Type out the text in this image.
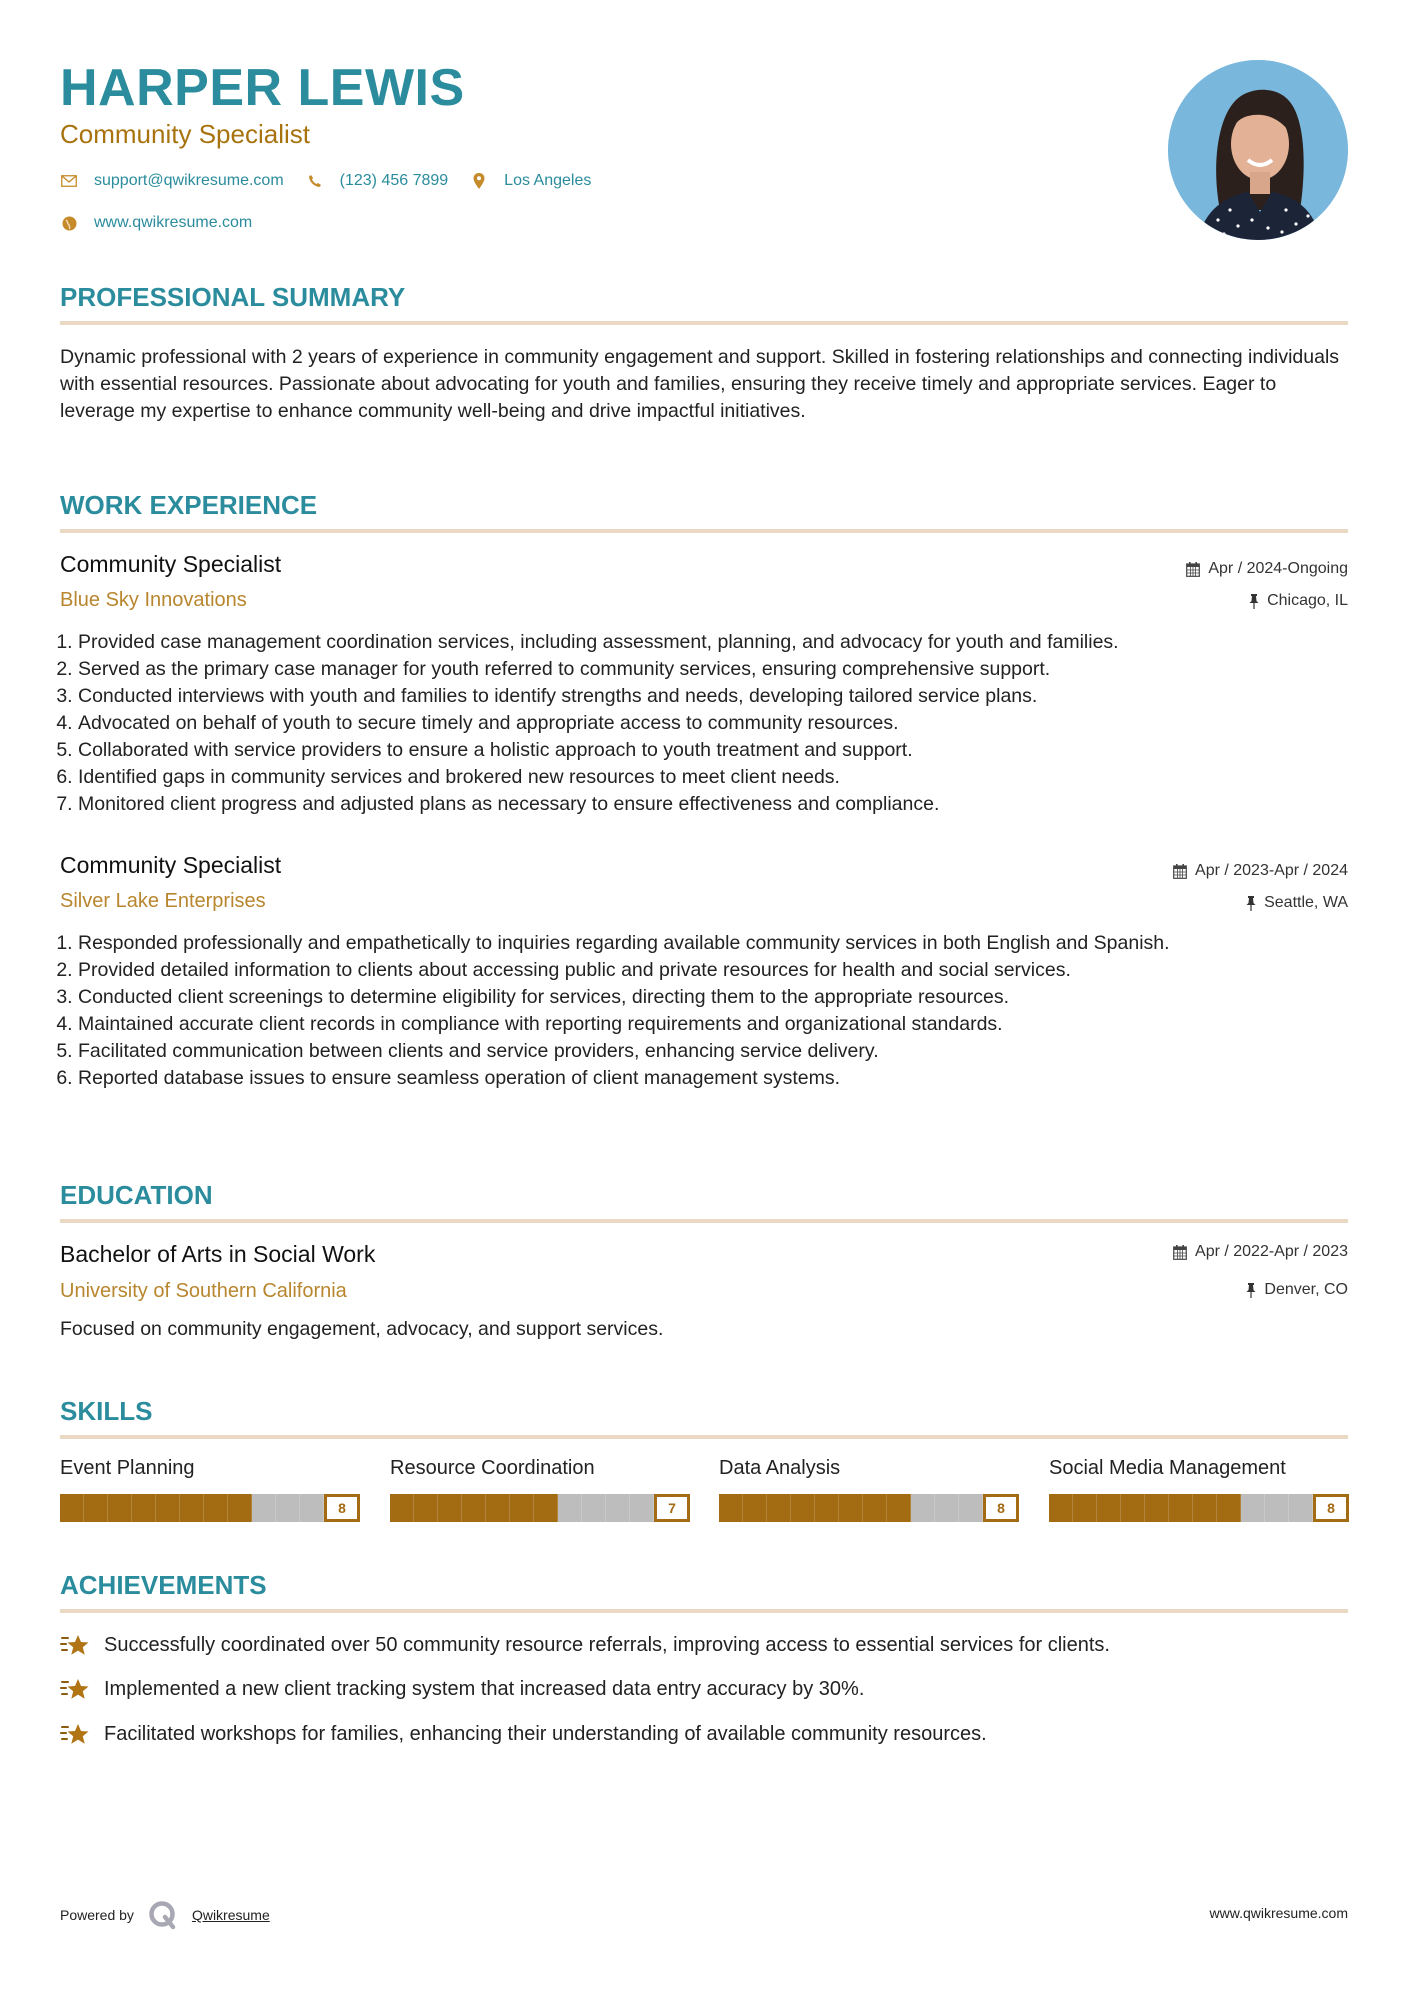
HARPER LEWIS
Community Specialist
support@qwikresume.com	(123) 456 7899	Los Angeles
www.qwikresume.com
PROFESSIONAL SUMMARY
Dynamic professional with 2 years of experience in community engagement and support. Skilled in fostering relationships and connecting individuals with essential resources. Passionate about advocating for youth and families, ensuring they receive timely and appropriate services. Eager to leverage my expertise to enhance community well-being and drive impactful initiatives.
WORK EXPERIENCE
Community Specialist
Blue Sky Innovations
Apr / 2024-Ongoing
Chicago, IL
1. Provided case management coordination services, including assessment, planning, and advocacy for youth and families.
2. Served as the primary case manager for youth referred to community services, ensuring comprehensive support.
3. Conducted interviews with youth and families to identify strengths and needs, developing tailored service plans.
4. Advocated on behalf of youth to secure timely and appropriate access to community resources.
5. Collaborated with service providers to ensure a holistic approach to youth treatment and support.
6. Identified gaps in community services and brokered new resources to meet client needs.
7. Monitored client progress and adjusted plans as necessary to ensure effectiveness and compliance.
Community Specialist
Silver Lake Enterprises
Apr / 2023-Apr / 2024
Seattle, WA
1. Responded professionally and empathetically to inquiries regarding available community services in both English and Spanish.
2. Provided detailed information to clients about accessing public and private resources for health and social services.
3. Conducted client screenings to determine eligibility for services, directing them to the appropriate resources.
4. Maintained accurate client records in compliance with reporting requirements and organizational standards.
5. Facilitated communication between clients and service providers, enhancing service delivery.
6. Reported database issues to ensure seamless operation of client management systems.
EDUCATION
Bachelor of Arts in Social Work
University of Southern California
Apr / 2022-Apr / 2023
Denver, CO
Focused on community engagement, advocacy, and support services.
SKILLS
Event Planning
8
Resource Coordination
7
Data Analysis
8
Social Media Management
8
ACHIEVEMENTS
Successfully coordinated over 50 community resource referrals, improving access to essential services for clients.
Implemented a new client tracking system that increased data entry accuracy by 30%.
Facilitated workshops for families, enhancing their understanding of available community resources.
Powered by	Qwikresume	www.qwikresume.com
